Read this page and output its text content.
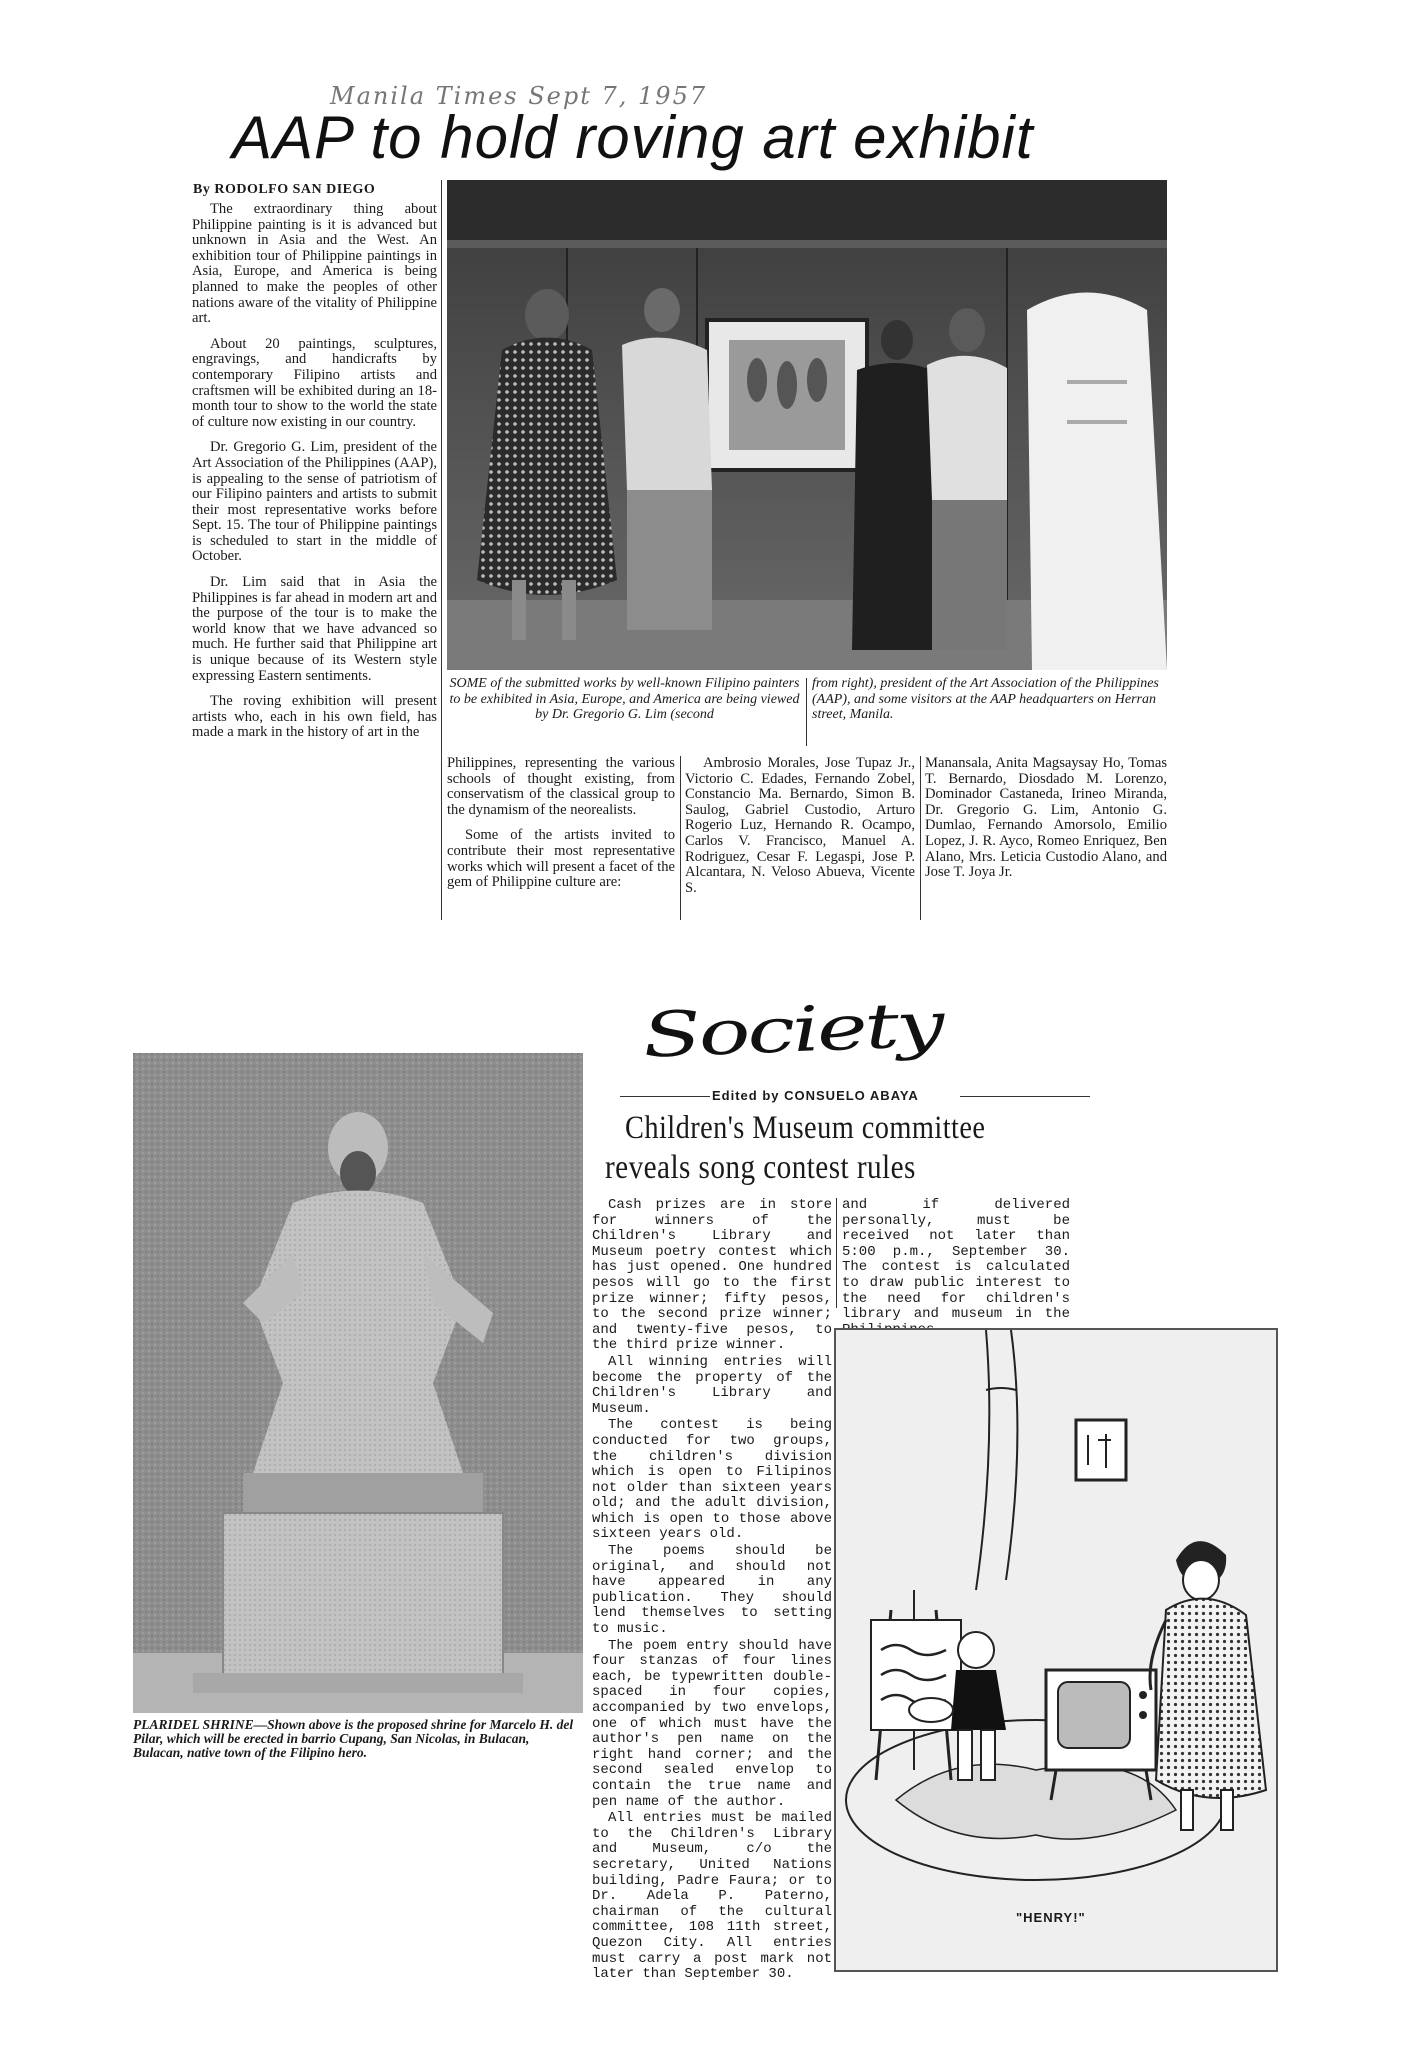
Manila Times Sept 7, 1957
AAP to hold roving art exhibit
By RODOLFO SAN DIEGO

The extraordinary thing about Philippine painting is it is advanced but unknown in Asia and the West. An exhibition tour of Philippine paintings in Asia, Europe, and America is being planned to make the peoples of other nations aware of the vitality of Philippine art.

About 20 paintings, sculptures, engravings, and handicrafts by contemporary Filipino artists and craftsmen will be exhibited during an 18-month tour to show to the world the state of culture now existing in our country.

Dr. Gregorio G. Lim, president of the Art Association of the Philippines (AAP), is appealing to the sense of patriotism of our Filipino painters and artists to submit their most representative works before Sept. 15. The tour of Philippine paintings is scheduled to start in the middle of October.

Dr. Lim said that in Asia the Philippines is far ahead in modern art and the purpose of the tour is to make the world know that we have advanced so much. He further said that Philippine art is unique because of its Western style expressing Eastern sentiments.

The roving exhibition will present artists who, each in his own field, has made a mark in the history of art in the

SOME of the submitted works by well-known Filipino painters to be exhibited in Asia, Europe, and America are being viewed by Dr. Gregorio G. Lim (second
from right), president of the Art Association of the Philippines (AAP), and some visitors at the AAP headquarters on Herran street, Manila.

Philippines, representing the various schools of thought existing, from conservatism of the classical group to the dynamism of the neorealists.

Some of the artists invited to contribute their most representative works which will present a facet of the gem of Philippine culture are:

Ambrosio Morales, Jose Tupaz Jr., Victorio C. Edades, Fernando Zobel, Constancio Ma. Bernardo, Simon B. Saulog, Gabriel Custodio, Arturo Rogerio Luz, Hernando R. Ocampo, Carlos V. Francisco, Manuel A. Rodriguez, Cesar F. Legaspi, Jose P. Alcantara, N. Veloso Abueva, Vicente S.

Manansala, Anita Magsaysay Ho, Tomas T. Bernardo, Diosdado M. Lorenzo, Dominador Castaneda, Irineo Miranda, Dr. Gregorio G. Lim, Antonio G. Dumlao, Fernando Amorsolo, Emilio Lopez, J. R. Ayco, Romeo Enriquez, Ben Alano, Mrs. Leticia Custodio Alano, and Jose T. Joya Jr.

Society
Edited by CONSUELO ABAYA
Children's Museum committee
reveals song contest rules
PLARIDEL SHRINE—Shown above is the proposed shrine for Marcelo H. del Pilar, which will be erected in barrio Cupang, San Nicolas, in Bulacan, Bulacan, native town of the Filipino hero.

Cash prizes are in store for winners of the Children's Library and Museum poetry contest which has just opened. One hundred pesos will go to the first prize winner; fifty pesos, to the second prize winner; and twenty-five pesos, to the third prize winner.

All winning entries will become the property of the Children's Library and Museum.

The contest is being conducted for two groups, the children's division which is open to Filipinos not older than sixteen years old; and the adult division, which is open to those above sixteen years old.

The poems should be original, and should not have appeared in any publication. They should lend themselves to setting to music.

The poem entry should have four stanzas of four lines each, be typewritten double-spaced in four copies, accompanied by two envelops, one of which must have the author's pen name on the right hand corner; and the second sealed envelop to contain the true name and pen name of the author.

All entries must be mailed to the Children's Library and Museum, c/o the secretary, United Nations building, Padre Faura; or to Dr. Adela P. Paterno, chairman of the cultural committee, 108 11th street, Quezon City. All entries must carry a post mark not later than September 30.

and if delivered personally, must be received not later than 5:00 p.m., September 30. The contest is calculated to draw public interest to the need for children's library and museum in the

"HENRY!"
